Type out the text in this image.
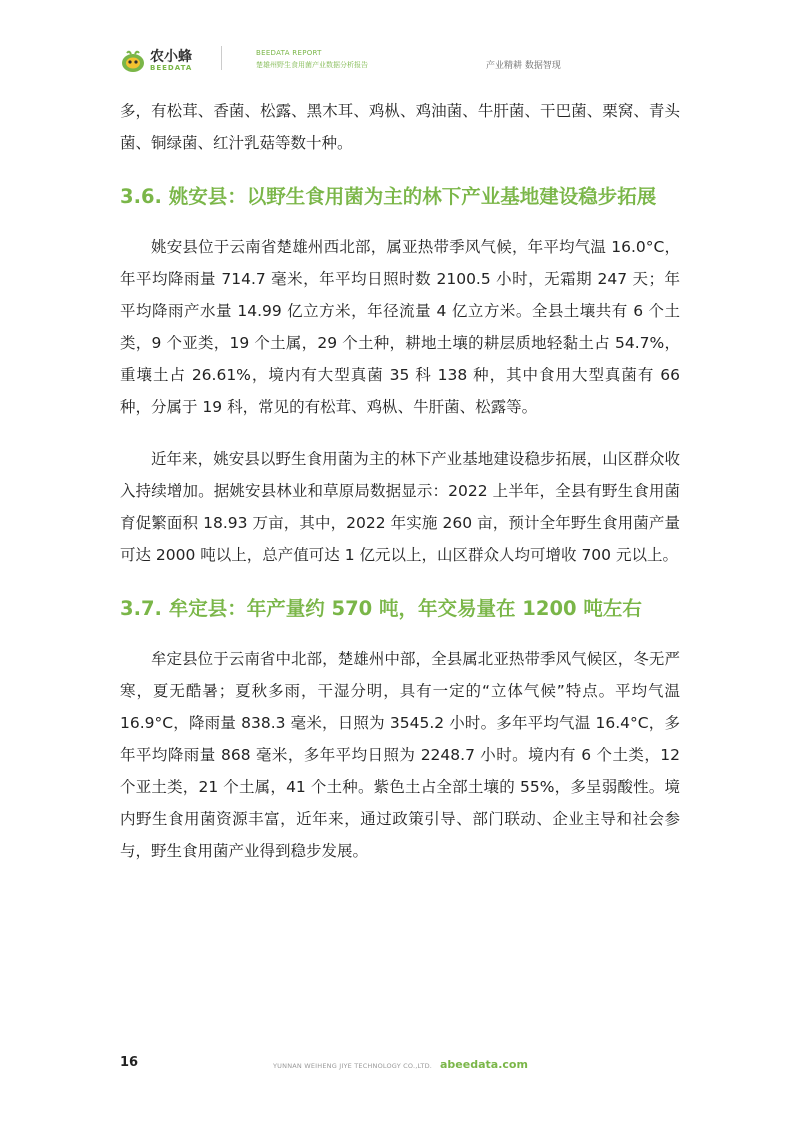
农小蜂
BEEDATA
BEEDATA REPORT
楚雄州野生食用菌产业数据分析报告	产业精耕 数据智现

多，有松茸、香菌、松露、黑木耳、鸡枞、鸡油菌、牛肝菌、干巴菌、栗窝、青头菌、铜绿菌、红汁乳菇等数十种。

3.6. 姚安县：以野生食用菌为主的林下产业基地建设稳步拓展

姚安县位于云南省楚雄州西北部，属亚热带季风气候，年平均气温 16.0°C，年平均降雨量 714.7 毫米，年平均日照时数 2100.5 小时，无霜期 247 天；年平均降雨产水量 14.99 亿立方米，年径流量 4 亿立方米。全县土壤共有 6 个土类，9 个亚类，19 个土属，29 个土种，耕地土壤的耕层质地轻黏土占 54.7%，重壤土占 26.61%，境内有大型真菌 35 科 138 种，其中食用大型真菌有 66 种，分属于 19 科，常见的有松茸、鸡枞、牛肝菌、松露等。

近年来，姚安县以野生食用菌为主的林下产业基地建设稳步拓展，山区群众收入持续增加。据姚安县林业和草原局数据显示：2022 上半年，全县有野生食用菌育促繁面积 18.93 万亩，其中，2022 年实施 260 亩，预计全年野生食用菌产量可达 2000 吨以上，总产值可达 1 亿元以上，山区群众人均可增收 700 元以上。

3.7. 牟定县：年产量约 570 吨，年交易量在 1200 吨左右

牟定县位于云南省中北部，楚雄州中部，全县属北亚热带季风气候区，冬无严寒，夏无酷暑；夏秋多雨，干湿分明，具有一定的“立体气候”特点。平均气温 16.9°C，降雨量 838.3 毫米，日照为 3545.2 小时。多年平均气温 16.4°C，多年平均降雨量 868 毫米，多年平均日照为 2248.7 小时。境内有 6 个土类，12 个亚土类，21 个土属，41 个土种。紫色土占全部土壤的 55%，多呈弱酸性。境内野生食用菌资源丰富，近年来，通过政策引导、部门联动、企业主导和社会参与，野生食用菌产业得到稳步发展。

16	YUNNAN WEIHENG JIYE TECHNOLOGY CO.,LTD. abeedata.com
